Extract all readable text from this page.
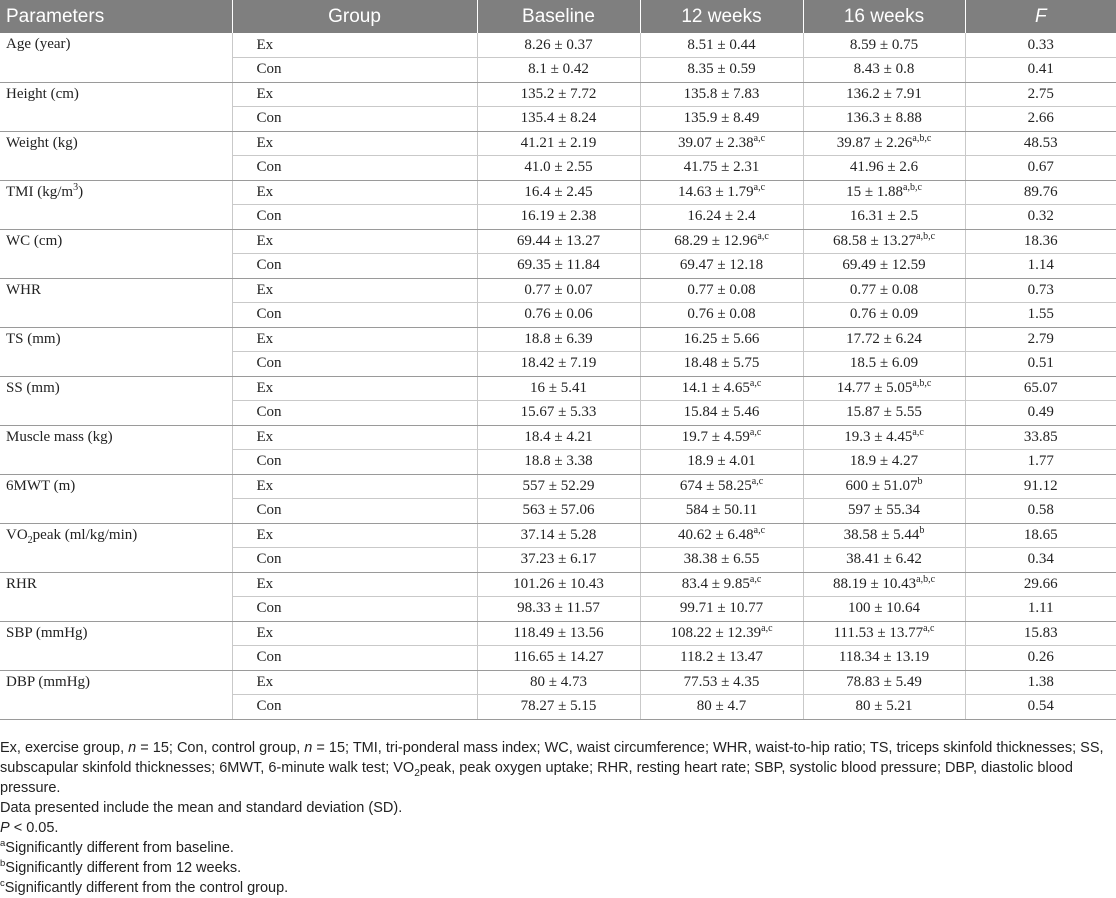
Parameters	Group	Baseline	12 weeks	16 weeks	F
Age (year)	Ex	8.26 ± 0.37	8.51 ± 0.44	8.59 ± 0.75	0.33
	Con	8.1 ± 0.42	8.35 ± 0.59	8.43 ± 0.8	0.41
Height (cm)	Ex	135.2 ± 7.72	135.8 ± 7.83	136.2 ± 7.91	2.75
	Con	135.4 ± 8.24	135.9 ± 8.49	136.3 ± 8.88	2.66
Weight (kg)	Ex	41.21 ± 2.19	$39.07 \pm 2.38^{a,c}$	$39.87 \pm 2.26^{a,b,c}$	48.53
	Con	41.0 ± 2.55	41.75 ± 2.31	41.96 ± 2.6	0.67
TMI $(kg/m^3)$	Ex	16.4 ± 2.45	$14.63 \pm 1.79^{a,c}$	$15 \pm 1.88^{a,b,c}$	89.76
	Con	16.19 ± 2.38	16.24 ± 2.4	16.31 ± 2.5	0.32
WC (cm)	Ex	69.44 ± 13.27	$68.29 \pm 12.96^{a,c}$	$68.58 \pm 13.27^{a,b,c}$	18.36
	Con	69.35 ± 11.84	69.47 ± 12.18	69.49 ± 12.59	1.14
WHR	Ex	0.77 ± 0.07	0.77 ± 0.08	0.77 ± 0.08	0.73
	Con	0.76 ± 0.06	0.76 ± 0.08	0.76 ± 0.09	1.55
TS (mm)	Ex	18.8 ± 6.39	16.25 ± 5.66	17.72 ± 6.24	2.79
	Con	18.42 ± 7.19	18.48 ± 5.75	18.5 ± 6.09	0.51
SS (mm)	Ex	16 ± 5.41	$14.1 \pm 4.65^{a,c}$	$14.77 \pm 5.05^{a,b,c}$	65.07
	Con	15.67 ± 5.33	15.84 ± 5.46	15.87 ± 5.55	0.49
Muscle mass (kg)	Ex	18.4 ± 4.21	$19.7 \pm 4.59^{a,c}$	$19.3 \pm 4.45^{a,c}$	33.85
	Con	18.8 ± 3.38	18.9 ± 4.01	18.9 ± 4.27	1.77
6MWT (m)	Ex	557 ± 52.29	$674 \pm 58.25^{a,c}$	600 ± 51.07$^b$	91.12
	Con	563 ± 57.06	584 ± 50.11	597 ± 55.34	0.58
$VO_2peak$ (ml/kg/min)	Ex	37.14 ± 5.28	$40.62 \pm 6.48^{a,c}$	38.58 ± 5.44$^b$	18.65
	Con	37.23 ± 6.17	38.38 ± 6.55	38.41 ± 6.42	0.34
RHR	Ex	101.26 ± 10.43	$83.4 \pm 9.85^{a,c}$	$88.19 \pm 10.43^{a,b,c}$	29.66
	Con	98.33 ± 11.57	99.71 ± 10.77	100 ± 10.64	1.11
SBP (mmHg)	Ex	118.49 ± 13.56	$108.22 \pm 12.39^{a,c}$	$111.53 \pm 13.77^{a,c}$	15.83
	Con	116.65 ± 14.27	118.2 ± 13.47	118.34 ± 13.19	0.26
DBP (mmHg)	Ex	80 ± 4.73	77.53 ± 4.35	78.83 ± 5.49	1.38
	Con	78.27 ± 5.15	80 ± 4.7	80 ± 5.21	0.54

Ex, exercise group, n = 15; Con, control group, n = 15; TMI, tri-ponderal mass index; WC, waist circumference; WHR, waist-to-hip ratio; TS, triceps skinfold thicknesses; SS,

subscapular skinfold thicknesses; 6MWT, 6-minute walk test; $VO_2peak$, peak oxygen uptake; RHR, resting heart rate; SBP, systolic blood pressure; DBP, diastolic blood pressure.

Data presented include the mean and standard deviation (SD).

P < 0.05.

$^a$Significantly different from baseline.

$^b$Significantly different from 12 weeks.

$^c$Significantly different from the control group.
